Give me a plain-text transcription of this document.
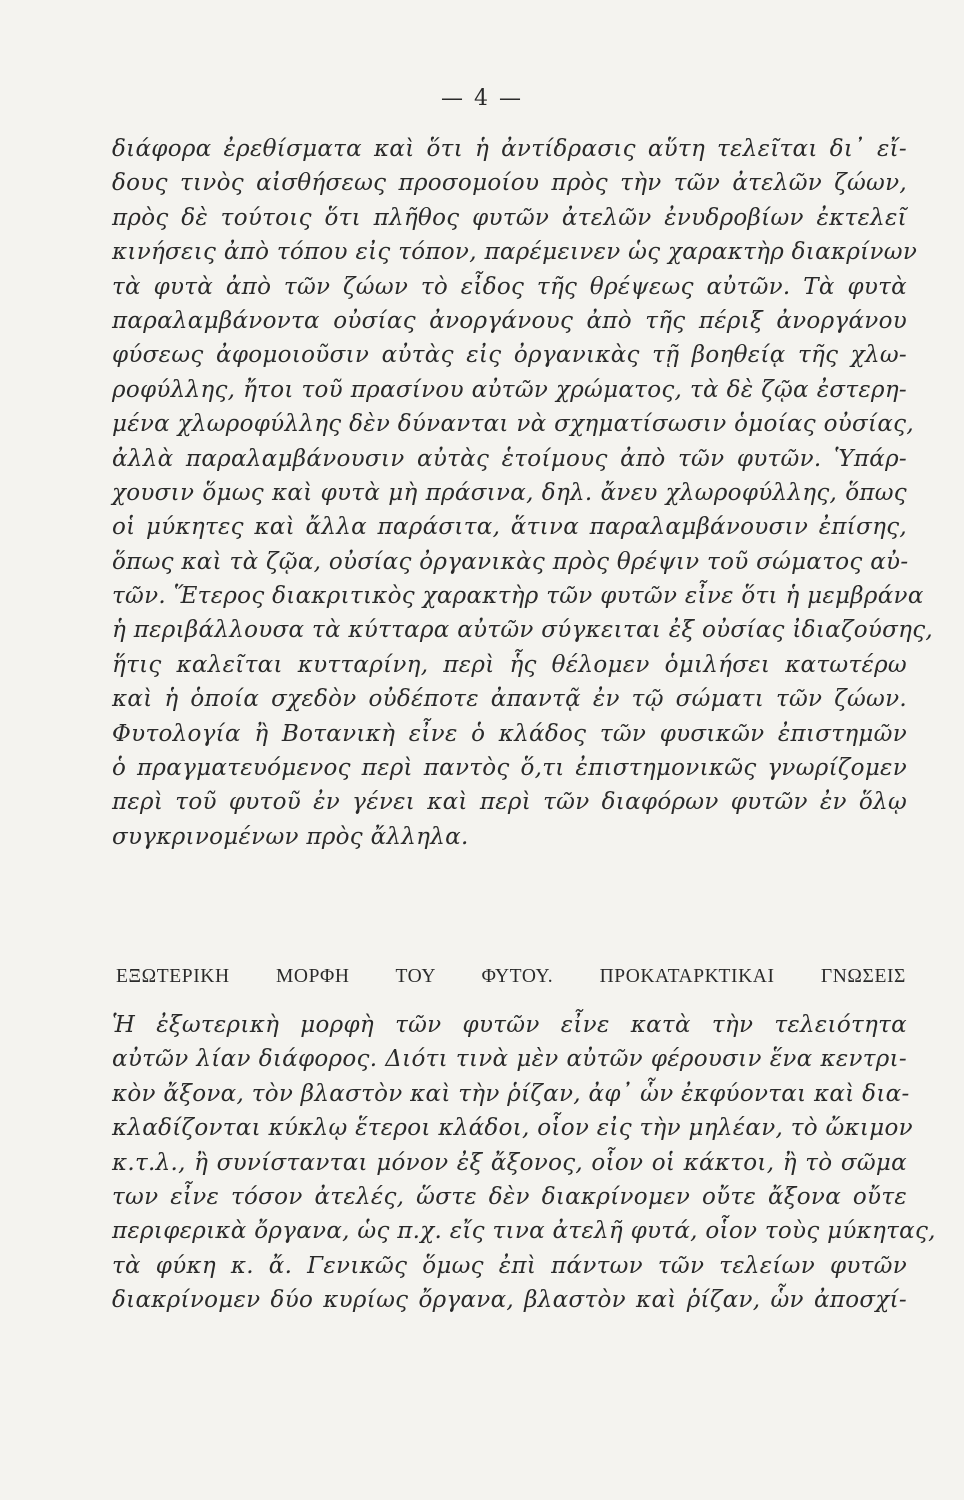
— 4 —
διάφορα ἐρεθίσματα καὶ ὅτι ἡ ἀντίδρασις αὕτη τελεῖται δι᾽ εἴ-
δους τινὸς αἰσθήσεως προσομοίου πρὸς τὴν τῶν ἀτελῶν ζώων,
πρὸς δὲ τούτοις ὅτι πλῆθος φυτῶν ἀτελῶν ἐνυδροβίων ἐκτελεῖ
κινήσεις ἀπὸ τόπου εἰς τόπον, παρέμεινεν ὡς χαρακτὴρ διακρίνων
τὰ φυτὰ ἀπὸ τῶν ζώων τὸ εἶδος τῆς θρέψεως αὐτῶν. Τὰ φυτὰ
παραλαμβάνοντα οὐσίας ἀνοργάνους ἀπὸ τῆς πέριξ ἀνοργάνου
φύσεως ἀφομοιοῦσιν αὐτὰς εἰς ὀργανικὰς τῇ βοηθείᾳ τῆς χλω-
ροφύλλης, ἤτοι τοῦ πρασίνου αὐτῶν χρώματος, τὰ δὲ ζῷα ἐστερη-
μένα χλωροφύλλης δὲν δύνανται νὰ σχηματίσωσιν ὁμοίας οὐσίας,
ἀλλὰ παραλαμβάνουσιν αὐτὰς ἑτοίμους ἀπὸ τῶν φυτῶν. Ὑπάρ-
χουσιν ὅμως καὶ φυτὰ μὴ πράσινα, δηλ. ἄνευ χλωροφύλλης, ὅπως
οἱ μύκητες καὶ ἄλλα παράσιτα, ἅτινα παραλαμβάνουσιν ἐπίσης,
ὅπως καὶ τὰ ζῷα, οὐσίας ὀργανικὰς πρὸς θρέψιν τοῦ σώματος αὐ-
τῶν. Ἕτερος διακριτικὸς χαρακτὴρ τῶν φυτῶν εἶνε ὅτι ἡ μεμβράνα
ἡ περιβάλλουσα τὰ κύτταρα αὐτῶν σύγκειται ἐξ οὐσίας ἰδιαζούσης,
ἥτις καλεῖται κυτταρίνη, περὶ ἧς θέλομεν ὁμιλήσει κατωτέρω
καὶ ἡ ὁποία σχεδὸν οὐδέποτε ἀπαντᾷ ἐν τῷ σώματι τῶν ζώων.
Φυτολογία ἢ Βοτανικὴ εἶνε ὁ κλάδος τῶν φυσικῶν ἐπιστημῶν
ὁ πραγματευόμενος περὶ παντὸς ὅ,τι ἐπιστημονικῶς γνωρίζομεν
περὶ τοῦ φυτοῦ ἐν γένει καὶ περὶ τῶν διαφόρων φυτῶν ἐν ὅλῳ
συγκρινομένων πρὸς ἄλληλα.
ΕΞΩΤΕΡΙΚΗ ΜΟΡΦΗ ΤΟΥ ΦΥΤΟΥ. ΠΡΟΚΑΤΑΡΚΤΙΚΑΙ ΓΝΩΣΕΙΣ
Ἡ ἐξωτερικὴ μορφὴ τῶν φυτῶν εἶνε κατὰ τὴν τελειότητα
αὐτῶν λίαν διάφορος. Διότι τινὰ μὲν αὐτῶν φέρουσιν ἕνα κεντρι-
κὸν ἄξονα, τὸν βλαστὸν καὶ τὴν ῥίζαν, ἀφ᾽ ὧν ἐκφύονται καὶ δια-
κλαδίζονται κύκλῳ ἕτεροι κλάδοι, οἷον εἰς τὴν μηλέαν, τὸ ὤκιμον
κ.τ.λ., ἢ συνίστανται μόνον ἐξ ἄξονος, οἷον οἱ κάκτοι, ἢ τὸ σῶμα
των εἶνε τόσον ἀτελές, ὥστε δὲν διακρίνομεν οὔτε ἄξονα οὔτε
περιφερικὰ ὄργανα, ὡς π.χ. εἴς τινα ἀτελῆ φυτά, οἷον τοὺς μύκητας,
τὰ φύκη κ. ἄ. Γενικῶς ὅμως ἐπὶ πάντων τῶν τελείων φυτῶν
διακρίνομεν δύο κυρίως ὄργανα, βλαστὸν καὶ ῥίζαν, ὧν ἀποσχί-
